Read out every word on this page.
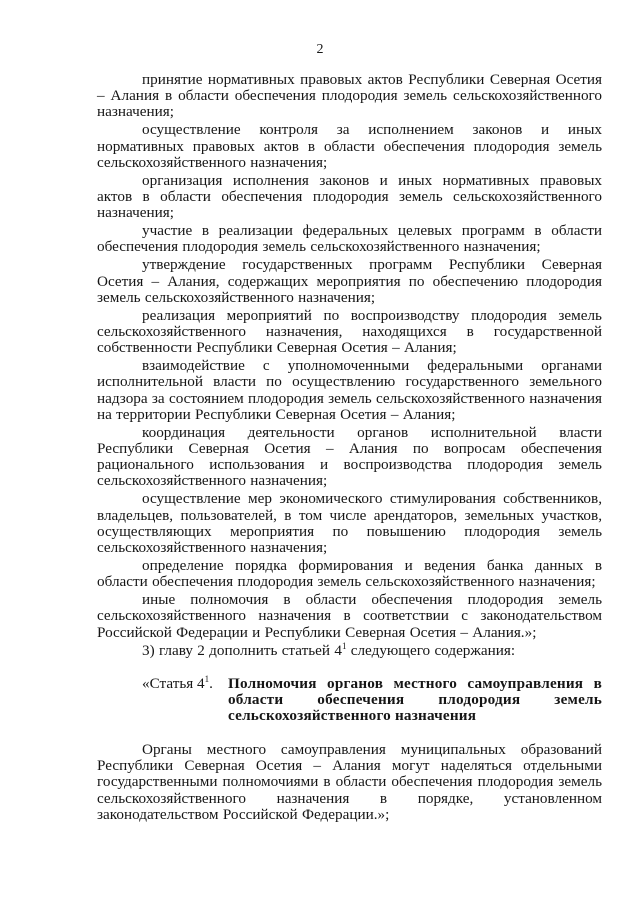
2

принятие нормативных правовых актов Республики Северная Осетия – Алания в области обеспечения плодородия земель сельскохозяйственного назначения;

осуществление контроля за исполнением законов и иных нормативных правовых актов в области обеспечения плодородия земель сельскохозяйственного назначения;

организация исполнения законов и иных нормативных правовых актов в области обеспечения плодородия земель сельскохозяйственного назначения;

участие в реализации федеральных целевых программ в области обеспечения плодородия земель сельскохозяйственного назначения;

утверждение государственных программ Республики Северная Осетия – Алания, содержащих мероприятия по обеспечению плодородия земель сельскохозяйственного назначения;

реализация мероприятий по воспроизводству плодородия земель сельскохозяйственного назначения, находящихся в государственной собственности Республики Северная Осетия – Алания;

взаимодействие с уполномоченными федеральными органами исполнительной власти по осуществлению государственного земельного надзора за состоянием плодородия земель сельскохозяйственного назначения на территории Республики Северная Осетия – Алания;

координация деятельности органов исполнительной власти Республики Северная Осетия – Алания по вопросам обеспечения рационального использования и воспроизводства плодородия земель сельскохозяйственного назначения;

осуществление мер экономического стимулирования собственников, владельцев, пользователей, в том числе арендаторов, земельных участков, осуществляющих мероприятия по повышению плодородия земель сельскохозяйственного назначения;

определение порядка формирования и ведения банка данных в области обеспечения плодородия земель сельскохозяйственного назначения;

иные полномочия в области обеспечения плодородия земель сельскохозяйственного назначения в соответствии с законодательством Российской Федерации и Республики Северная Осетия – Алания.»;

3) главу 2 дополнить статьей $4^1$ следующего содержания:

«Статья $4^1$. Полномочия органов местного самоуправления в области обеспечения плодородия земель
сельскохозяйственного назначения

Органы местного самоуправления муниципальных образований Республики Северная Осетия – Алания могут наделяться отдельными государственными полномочиями в области обеспечения плодородия земель сельскохозяйственного назначения в порядке, установленном законодательством Российской Федерации.»;
